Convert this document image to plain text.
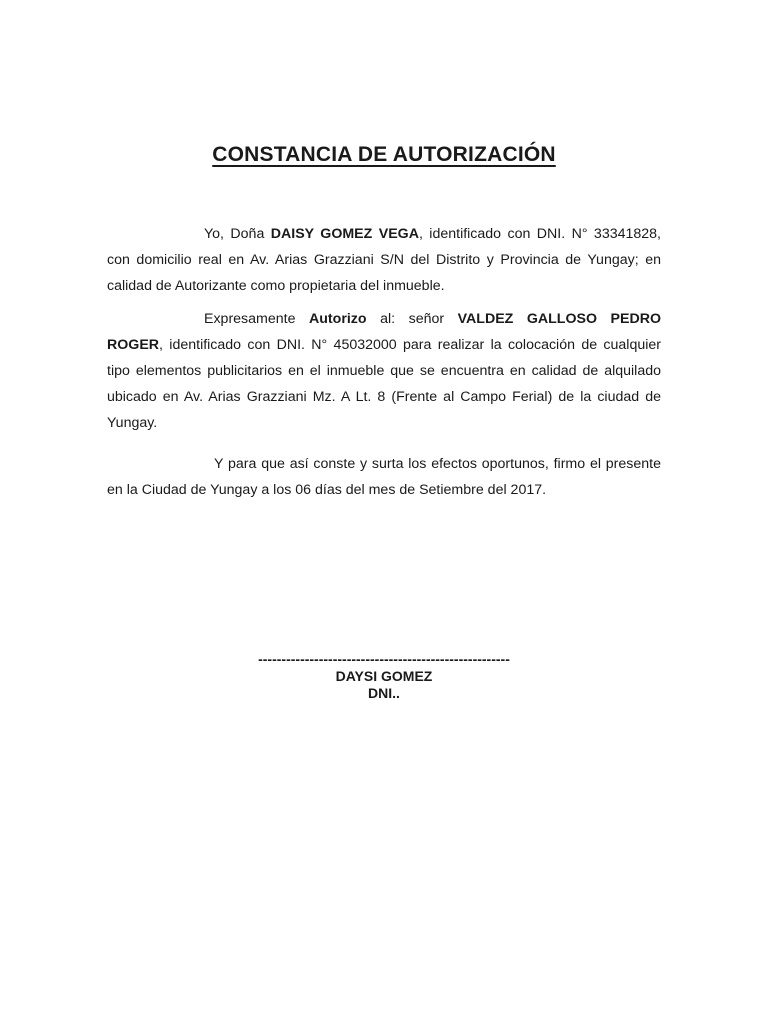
CONSTANCIA DE AUTORIZACIÓN

Yo, Doña DAISY GOMEZ VEGA, identificado con DNI. N° 33341828, con domicilio real en Av. Arias Grazziani S/N del Distrito y Provincia de Yungay; en calidad de Autorizante como propietaria del inmueble.

Expresamente Autorizo al: señor VALDEZ GALLOSO PEDRO ROGER, identificado con DNI. N° 45032000 para realizar la colocación de cualquier tipo elementos publicitarios en el inmueble que se encuentra en calidad de alquilado ubicado en Av. Arias Grazziani Mz. A Lt. 8 (Frente al Campo Ferial) de la ciudad de Yungay.

Y para que así conste y surta los efectos oportunos, firmo el presente en la Ciudad de Yungay a los 06 días del mes de Setiembre del 2017.

------------------------------------------------------
DAYSI GOMEZ
DNI..
